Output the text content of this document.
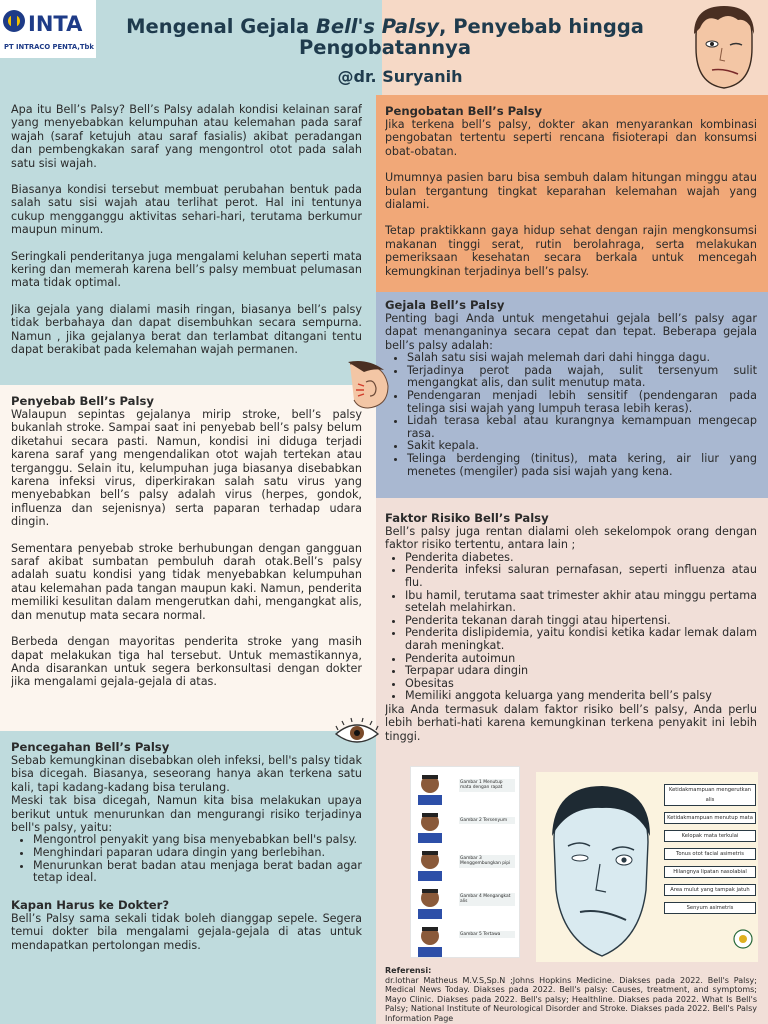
INTA
PT INTRACO PENTA,Tbk
Mengenal Gejala Bell's Palsy, Penyebab hingga Pengobatannya
@dr. Suryanih
Apa itu Bell’s Palsy? Bell’s Palsy adalah kondisi kelainan saraf yang menyebabkan kelumpuhan atau kelemahan pada saraf wajah (saraf ketujuh atau saraf fasialis) akibat peradangan dan pembengkakan saraf yang mengontrol otot pada salah satu sisi wajah.
Biasanya kondisi tersebut membuat perubahan bentuk pada salah satu sisi wajah atau terlihat perot. Hal ini tentunya cukup mengganggu aktivitas sehari-hari, terutama berkumur maupun minum.
Seringkali penderitanya juga mengalami keluhan seperti mata kering dan memerah karena bell’s palsy membuat pelumasan mata tidak optimal.
Jika gejala yang dialami masih ringan, biasanya bell’s palsy tidak berbahaya dan dapat disembuhkan secara sempurna. Namun , jika gejalanya berat dan terlambat ditangani tentu dapat berakibat pada kelemahan wajah permanen.
Penyebab Bell’s Palsy
Walaupun sepintas gejalanya mirip stroke, bell’s palsy bukanlah stroke. Sampai saat ini penyebab bell’s palsy belum diketahui secara pasti. Namun, kondisi ini diduga terjadi karena saraf yang mengendalikan otot wajah tertekan atau terganggu. Selain itu, kelumpuhan juga biasanya disebabkan karena infeksi virus, diperkirakan salah satu virus yang menyebabkan bell’s palsy adalah virus (herpes, gondok, influenza dan sejenisnya) serta paparan terhadap udara dingin.
Sementara penyebab stroke berhubungan dengan gangguan saraf akibat sumbatan pembuluh darah otak.Bell’s palsy adalah suatu kondisi yang tidak menyebabkan kelumpuhan atau kelemahan pada tangan maupun kaki. Namun, penderita memiliki kesulitan dalam mengerutkan dahi, mengangkat alis, dan menutup mata secara normal.
Berbeda dengan mayoritas penderita stroke yang masih dapat melakukan tiga hal tersebut. Untuk memastikannya, Anda disarankan untuk segera berkonsultasi dengan dokter jika mengalami gejala-gejala di atas.
Pencegahan Bell’s Palsy
Sebab kemungkinan disebabkan oleh infeksi, bell's palsy tidak bisa dicegah. Biasanya, seseorang hanya akan terkena satu kali, tapi kadang-kadang bisa terulang.
Meski tak bisa dicegah, Namun kita bisa melakukan upaya berikut untuk menurunkan dan mengurangi risiko terjadinya bell's palsy, yaitu:
• Mengontrol penyakit yang bisa menyebabkan bell's palsy.
• Menghindari paparan udara dingin yang berlebihan.
• Menurunkan berat badan atau menjaga berat badan agar tetap ideal.
Kapan Harus ke Dokter?
Bell’s Palsy sama sekali tidak boleh dianggap sepele. Segera temui dokter bila mengalami gejala-gejala di atas untuk mendapatkan pertolongan medis.
Pengobatan Bell’s Palsy
Jika terkena bell’s palsy, dokter akan menyarankan kombinasi pengobatan tertentu seperti rencana fisioterapi dan konsumsi obat-obatan.
Umumnya pasien baru bisa sembuh dalam hitungan minggu atau bulan tergantung tingkat keparahan kelemahan wajah yang dialami.
Tetap praktikkann gaya hidup sehat dengan rajin mengkonsumsi makanan tinggi serat, rutin berolahraga, serta melakukan pemeriksaan kesehatan secara berkala untuk mencegah kemungkinan terjadinya bell’s palsy.
Gejala Bell’s Palsy
Penting bagi Anda untuk mengetahui gejala bell’s palsy agar dapat menanganinya secara cepat dan tepat. Beberapa gejala bell’s palsy adalah:
• Salah satu sisi wajah melemah dari dahi hingga dagu.
• Terjadinya perot pada wajah, sulit tersenyum sulit mengangkat alis, dan sulit menutup mata.
• Pendengaran menjadi lebih sensitif (pendengaran pada telinga sisi wajah yang lumpuh terasa lebih keras).
• Lidah terasa kebal atau kurangnya kemampuan mengecap rasa.
• Sakit kepala.
• Telinga berdenging (tinitus), mata kering, air liur yang menetes (mengiler) pada sisi wajah yang kena.
Faktor Risiko Bell’s Palsy
Bell’s palsy juga rentan dialami oleh sekelompok orang dengan faktor risiko tertentu, antara lain ;
• Penderita diabetes.
• Penderita infeksi saluran pernafasan, seperti influenza atau flu.
• Ibu hamil, terutama saat trimester akhir atau minggu pertama setelah melahirkan.
• Penderita tekanan darah tinggi atau hipertensi.
• Penderita dislipidemia, yaitu kondisi ketika kadar lemak dalam darah meningkat.
• Penderita autoimun
• Terpapar udara dingin
• Obesitas
• Memiliki anggota keluarga yang menderita bell’s palsy
Jika Anda termasuk dalam faktor risiko bell’s palsy, Anda perlu lebih berhati-hati karena kemungkinan terkena penyakit ini lebih tinggi.
Gambar 1 Menutup mata dengan rapat
Gambar 2 Tersenyum
Gambar 3 Menggembungkan pipi
Gambar 4 Mengangkat alis
Gambar 5 Tertawa
Ketidakmampuan mengerutkan alis
Ketidakmampuan menutup mata
Kelopak mata terkulai
Tonus otot facial asimetris
Hilangnya lipatan nasolabial
Area mulut yang tampak jatuh
Senyum asimetris
Referensi:
dr.lothar Matheus M.V.S,Sp.N ;Johns Hopkins Medicine. Diakses pada 2022. Bell's Palsy; Medical News Today. Diakses pada 2022. Bell's palsy: Causes, treatment, and symptoms; Mayo Clinic. Diakses pada 2022. Bell's palsy; Healthline. Diakses pada 2022. What Is Bell's Palsy; National Institute of Neurological Disorder and Stroke. Diakses pada 2022. Bell's Palsy Information Page
